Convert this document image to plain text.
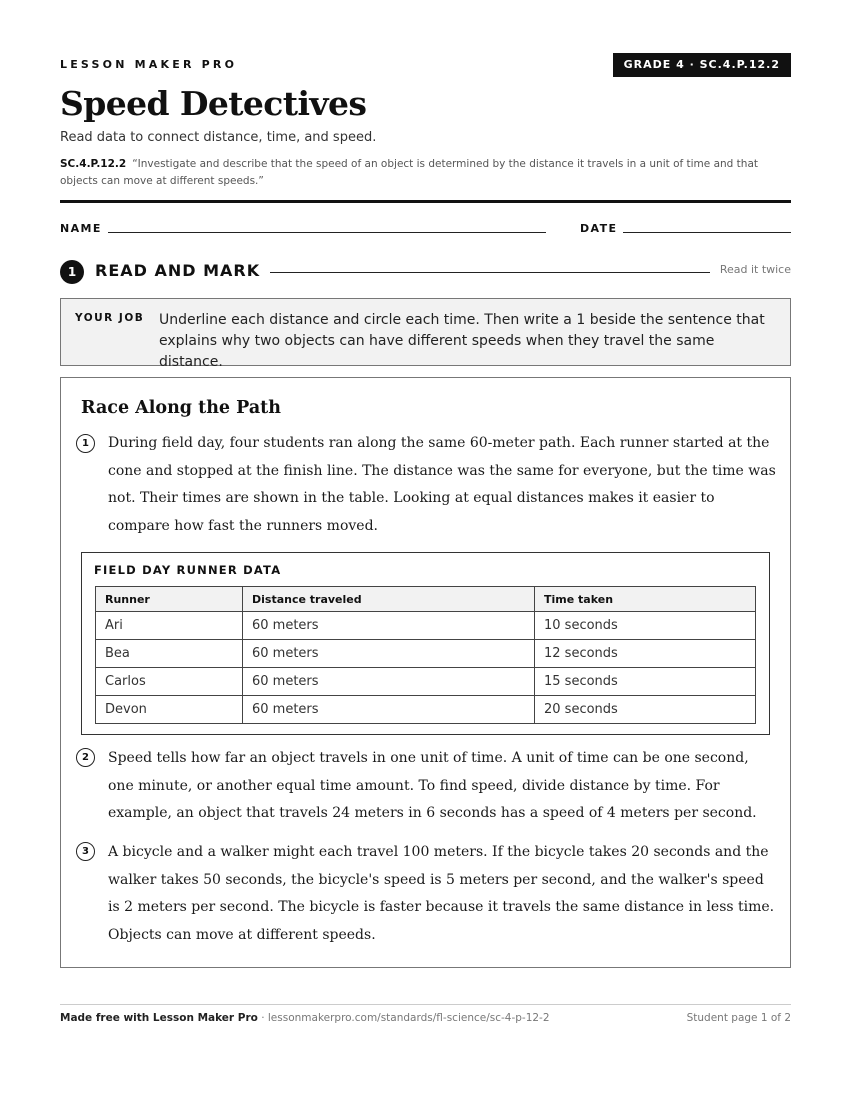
LESSON MAKER PRO	GRADE 4 · SC.4.P.12.2
Speed Detectives
Read data to connect distance, time, and speed.
SC.4.P.12.2 “Investigate and describe that the speed of an object is determined by the distance it travels in a unit of time and that objects can move at different speeds.”
NAME	DATE
1	READ AND MARK	Read it twice
YOUR JOB Underline each distance and circle each time. Then write a 1 beside the sentence that explains why two objects can have different speeds when they travel the same distance.
Race Along the Path
1	During field day, four students ran along the same 60-meter path. Each runner started at the cone and stopped at the finish line. The distance was the same for everyone, but the time was not. Their times are shown in the table. Looking at equal distances makes it easier to compare how fast the runners moved.
FIELD DAY RUNNER DATA
Runner	Distance traveled	Time taken
Ari	60 meters	10 seconds
Bea	60 meters	12 seconds
Carlos	60 meters	15 seconds
Devon	60 meters	20 seconds
2	Speed tells how far an object travels in one unit of time. A unit of time can be one second, one minute, or another equal time amount. To find speed, divide distance by time. For example, an object that travels 24 meters in 6 seconds has a speed of 4 meters per second.
3	A bicycle and a walker might each travel 100 meters. If the bicycle takes 20 seconds and the walker takes 50 seconds, the bicycle's speed is 5 meters per second, and the walker's speed is 2 meters per second. The bicycle is faster because it travels the same distance in less time. Objects can move at different speeds.
Made free with Lesson Maker Pro · lessonmakerpro.com/standards/fl-science/sc-4-p-12-2	Student page 1 of 2
